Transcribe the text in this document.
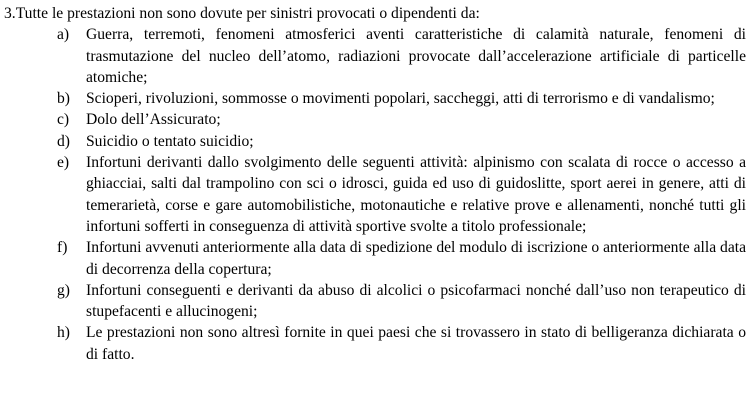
3.Tutte le prestazioni non sono dovute per sinistri provocati o dipendenti da:
a) Guerra, terremoti, fenomeni atmosferici aventi caratteristiche di calamità naturale, fenomeni di trasmutazione del nucleo dell’atomo, radiazioni provocate dall’accelerazione artificiale di particelle atomiche;
b) Scioperi, rivoluzioni, sommosse o movimenti popolari, saccheggi, atti di terrorismo e di vandalismo;
c) Dolo dell’Assicurato;
d) Suicidio o tentato suicidio;
e) Infortuni derivanti dallo svolgimento delle seguenti attività: alpinismo con scalata di rocce o accesso a ghiacciai, salti dal trampolino con sci o idrosci, guida ed uso di guidoslitte, sport aerei in genere, atti di temerarietà, corse e gare automobilistiche, motonautiche e relative prove e allenamenti, nonché tutti gli infortuni sofferti in conseguenza di attività sportive svolte a titolo professionale;
f) Infortuni avvenuti anteriormente alla data di spedizione del modulo di iscrizione o anteriormente alla data di decorrenza della copertura;
g) Infortuni conseguenti e derivanti da abuso di alcolici o psicofarmaci nonché dall’uso non terapeutico di stupefacenti e allucinogeni;
h) Le prestazioni non sono altresì fornite in quei paesi che si trovassero in stato di belligeranza dichiarata o di fatto.
